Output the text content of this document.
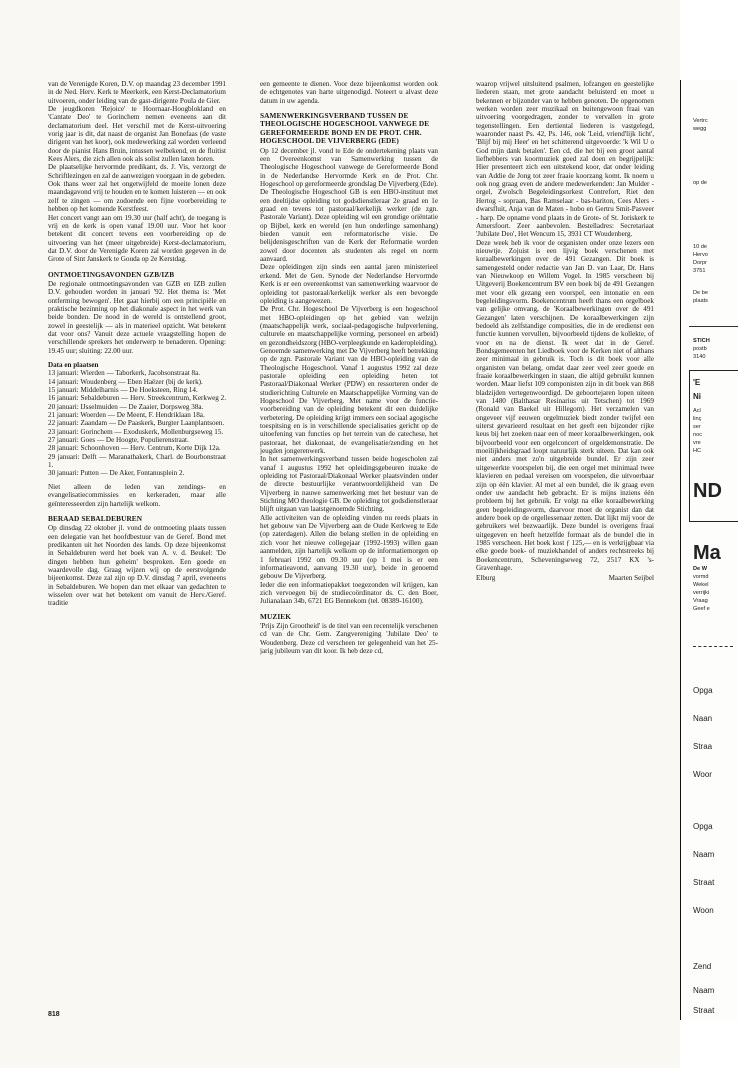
van de Verenigde Koren, D.V. op maandag 23 december 1991 in de Ned. Herv. Kerk te Meerkerk, een Kerst-Declamatorium uitvoeren, onder leiding van de gast-dirigente Poula de Gier.

De jeugdkoren 'Rejoice' te Hoornaar-Hoogblokland en 'Cantate Deo' te Gorinchem nemen eveneens aan dit declamatorium deel. Het verschil met de Kerst-uitvoering vorig jaar is dit, dat naast de organist Jan Bonefaas (de vaste dirigent van het koor), ook medewerking zal worden verleend door de pianist Hans Bruin, intussen welbekend, en de fluitist Kees Alers, die zich allen ook als solist zullen laten horen.

De plaatselijke hervormde predikant, ds. J. Vis, verzorgt de Schriftlezingen en zal de aanwezigen voorgaan in de gebeden.

Ook thans weer zal het ongetwijfeld de moeite lonen deze maandagavond vrij te houden en te komen luisteren — en ook zelf te zingen — om zodoende een fijne voorbereiding te hebben op het komende Kerstfeest.

Het concert vangt aan om 19.30 uur (half acht), de toegang is vrij en de kerk is open vanaf 19.00 uur. Voor het koor betekent dit concert tevens een voorbereiding op de uitvoering van het (meer uitgebreide) Kerst-declamatorium, dat D.V. door de Verenigde Koren zal worden gegeven in de Grote of Sint Janskerk te Gouda op 2e Kerstdag.

ONTMOETINGSAVONDEN GZB/IZB

De regionale ontmoetingsavonden van GZB en IZB zullen D.V. gehouden worden in januari '92. Het thema is: 'Met ontferming bewogen'. Het gaat hierbij om een principiële en praktische bezinning op het diakonale aspect in het werk van beide bonden. De nood in de wereld is ontstellend groot, zowel in geestelijk — als in materieel opzicht. Wat betekent dat voor ons? Vanuit deze actuele vraagstelling hopen de verschillende sprekers het onderwerp te benaderen. Opening: 19.45 uur; sluiting: 22.00 uur.

Data en plaatsen
13 januari: Wierden — Taborkerk, Jacobsonstraat 8a.
14 januari: Woudenberg — Eben Haëzer (bij de kerk).
15 januari: Middelharnis — De Hoeksteen, Ring 14.
16 januari: Sebaldeburen — Herv. Streekcentrum, Kerkweg 2.
20 januari: IJsselmuiden — De Zaaier, Dorpsweg 38a.
21 januari: Woerden — De Meent, F. Hendriklaan 18a.
22 januari: Zaandam — De Paaskerk, Burgter Laanplantsoen.
23 januari: Gorinchem — Exoduskerk, Mollenburgseweg 15.
27 januari: Goes — De Hoogte, Populierenstraat.
28 januari: Schoonhoven — Herv. Centrum, Korte Dijk 12a.
29 januari: Delft — Maranathakerk, Charl. de Bourbonstraat 1.
30 januari: Putten — De Aker, Fontanusplein 2.

Niet alleen de leden van zendings- en evangelisatiecommissies en kerkeraden, maar alle geïnteresseerden zijn hartelijk welkom.

BERAAD SEBALDEBUREN

Op dinsdag 22 oktober jl. vond de ontmoeting plaats tussen een delegatie van het hoofdbestuur van de Geref. Bond met predikanten uit het Noorden des lands. Op deze bijeenkomst in Sebaldeburen werd het boek van A. v. d. Beukel: 'De dingen hebben hun geheim' besproken. Een goede en waardevolle dag. Graag wijzen wij op de eerstvolgende bijeenkomst. Deze zal zijn op D.V. dinsdag 7 april, eveneens in Sebaldeburen. We hopen dan met elkaar van gedachten te wisselen over wat het betekent om vanuit de Herv./Geref. traditie

een gemeente te dienen. Voor deze bijeenkomst worden ook de echtgenotes van harte uitgenodigd. Noteert u alvast deze datum in uw agenda.

SAMENWERKINGSVERBAND TUSSEN DE THEOLOGISCHE HOGESCHOOL VANWEGE DE GEREFORMEERDE BOND EN DE PROT. CHR. HOGESCHOOL DE VIJVERBERG (EDE)

Op 12 december jl. vond te Ede de ondertekening plaats van een Overeenkomst van Samenwerking tussen de Theologische Hogeschool vanwege de Gereformeerde Bond in de Nederlandse Hervormde Kerk en de Prot. Chr. Hogeschool op gereformeerde grondslag De Vijverberg (Ede).

De Theologische Hogeschool GB is een HBO-instituut met een deeltijdse opleiding tot godsdienstleraar 2e graad en 1e graad en tevens tot pastoraal/kerkelijk werker (de zgn. Pastorale Variant). Deze opleiding wil een grondige oriëntatie op Bijbel, kerk en wereld (en hun onderlinge samenhang) bieden vanuit een reformatorische visie. De belijdenisgeschriften van de Kerk der Reformatie worden zowel door docenten als studenten als regel en norm aanvaard.

Deze opleidingen zijn sinds een aantal jaren ministerieel erkend. Met de Gen. Synode der Nederlandse Hervormde Kerk is er een overeenkomst van samenwerking waarvoor de opleiding tot pastoraal/kerkelijk werker als een bevoegde opleiding is aangewezen.

De Prot. Chr. Hogeschool De Vijverberg is een hogeschool met HBO-opleidingen op het gebied van welzijn (maatschappelijk werk, sociaal-pedagogische hulpverlening, culturele en maatschappelijke vorming, personeel en arbeid) en gezondheidszorg (HBO-verpleegkunde en kaderopleiding).

Genoemde samenwerking met De Vijverberg heeft betrekking op de zgn. Pastorale Variant van de HBO-opleiding van de Theologische Hogeschool. Vanaf 1 augustus 1992 zal deze pastorale opleiding een opleiding heten tot Pastoraal/Diakonaal Werker (PDW) en ressorteren onder de studierichting Culturele en Maatschappelijke Vorming van de Hogeschool De Vijverberg. Met name voor de functie-voorbereiding van de opleiding betekent dit een duidelijke verbetering. De opleiding krijgt immers een sociaal agogische toespitsing en is in verschillende specialisaties gericht op de uitoefening van functies op het terrein van de catechese, het pastoraat, het diakonaat, de evangelisatie/zending en het jeugden jongerenwerk.

In het samenwerkingsverband tussen beide hogescholen zal vanaf 1 augustus 1992 het opleidingsgebeuren inzake de opleiding tot Pastoraal/Diakonaal Werker plaatsvinden onder de directe bestuurlijke verantwoordelijkheid van De Vijverberg in nauwe samenwerking met het bestuur van de Stichting MO theologie GB. De opleiding tot godsdienstleraar blijft uitgaan van laatstgenoemde Stichting.

Alle activiteiten van de opleiding vinden nu reeds plaats in het gebouw van De Vijverberg aan de Oude Kerkweg te Ede (op zaterdagen). Allen die belang stellen in de opleiding en zich voor het nieuwe collegejaar (1992-1993) willen gaan aanmelden, zijn hartelijk welkom op de informatiemorgen op 1 februari 1992 om 09.30 uur (op 1 mei is er een informatieavond, aanvang 19.30 uur), beide in genoemd gebouw De Vijverberg.

Ieder die een informatiepakket toegezonden wil krijgen, kan zich vervoegen bij de studiecoördinator ds. C. den Boer, Julianalaan 34b, 6721 EG Bennekom (tel. 08389-16100).

MUZIEK

'Prijs Zijn Grootheid' is de titel van een recentelijk verschenen cd van de Chr. Gem. Zangvereniging 'Jubilate Deo' te Woudenberg. Deze cd verscheen ter gelegenheid van het 25-jarig jubileum van dit koor. Ik heb deze cd,

waarop vrijwel uitsluitend psalmen, lofzangen en geestelijke liederen staan, met grote aandacht beluisterd en moet u bekennen er bijzonder van te hebben genoten. De opgenomen werken worden zeer muzikaal en buitengewoon fraai van uitvoering voorgedragen, zonder te vervallen in grote tegenstellingen. Een dertiental liederen is vastgelegd, waaronder naast Ps. 42, Ps. 146, ook 'Leid, vriend'lijk licht', 'Blijf bij mij Heer' en het schitterend uitgevoerde: 'k Wil U o God mijn dank betalen'. Een cd, die het bij een groot aantal liefhebbers van koormuziek goed zal doen en begrijpelijk: Hier presenteert zich een uitstekend koor, dat onder leiding van Addie de Jong tot zeer fraaie koorzang komt. Ik noem u ook nog graag even de andere medewerkenden: Jan Mulder - orgel, Zwolsch Begeleidingsorkest Contrefort, Riet den Hertog - sopraan, Bas Ramselaar - bas-bariton, Cees Alers - dwarsfluit, Anja van de Maten - hobo en Gertru Smit-Pasveer - harp. De opname vond plaats in de Grote- of St. Joriskerk te Amersfoort. Zeer aanbevolen. Bestelladres: Secretariaat 'Jubilate Deo', Het Wencum 15, 3931 CT Woudenberg.

Deze week heb ik voor de organisten onder onze lezers een nieuwtje. Zojuist is een lijvig boek verschenen met koraalbewerkingen over de 491 Gezangen. Dit boek is samengesteld onder redactie van Jan D. van Laar, Dr. Hans van Nieuwkoop en Willem Vogel. In 1985 verscheen bij Uitgeverij Boekencentrum BV een boek bij de 491 Gezangen met voor elk gezang een voorspel, een intonatie en een begeleidingsvorm. Boekencentrum heeft thans een orgelboek van gelijke omvang, de 'Koraalbewerkingen over de 491 Gezangen' laten verschijnen. De koraalbewerkingen zijn bedoeld als zelfstandige composities, die in de eredienst een functie kunnen vervullen, bijvoorbeeld tijdens de kollekte, of voor en na de dienst. Ik weet dat in de Geref. Bondsgemeenten het Liedboek voor de Kerken niet of althans zeer minimaal in gebruik is. Toch is dit boek voor alle organisten van belang, omdat daar zeer veel zeer goede en fraaie koraalbewerkingen in staan, die altijd gebruikt kunnen worden. Maar liefst 109 componisten zijn in dit boek van 868 bladzijden vertegenwoordigd. De geboortejaren lopen uiteen van 1480 (Balthasar Resinarius uit Tetschen) tot 1969 (Ronald van Baekel uit Hillegom). Het verzamelen van ongeveer vijf eeuwen orgelmuziek biedt zonder twijfel een uiterst gevarieerd resultaat en het geeft een bijzonder rijke keus bij het zoeken naar een of meer koraalbewerkingen, ook bijvoorbeeld voor een orgelconcert of orgeldemonstratie. De moeilijkheidsgraad loopt natuurlijk sterk uiteen. Dat kan ook niet anders met zo'n uitgebreide bundel. Er zijn zeer uitgewerkte voorspelen bij, die een orgel met minimaal twee klavieren en pedaal vereisen om voorspelen, die uitvoerbaar zijn op één klavier. Al met al een bundel, die ik graag even onder uw aandacht heb gebracht. Er is mijns inziens één probleem bij het gebruik. Er volgt na elke koraalbewerking geen begeleidingsvorm, daarvoor moet de organist dan dat andere boek op de orgellessenaar zetten. Dat lijkt mij voor de gebruikers wel bezwaarlijk. Deze bundel is overigens fraai uitgegeven en heeft hetzelfde formaat als de bundel die in 1985 verscheen. Het boek kost ƒ 125,— en is verkrijgbaar via elke goede boek- of muziekhandel of anders rechtstreeks bij Boekencentrum, Scheveningseweg 72, 2517 KX 's-Gravenhage.

Elburg	Maarten Seijbel
818
Vertrc
wegg
op de
10 de
Hervo
Dorpr
3751
De be
plaats
STICH
postb
3140
'E
Ni
Acl
linç
ser
noc
vre
HC
ND
Ma
De W
vormd
Wekel
verrijki
Vraag
Geef e
Opga
Naan
Straa
Woor
Opga
Naam
Straat
Woon
Zend
Naam
Straat
